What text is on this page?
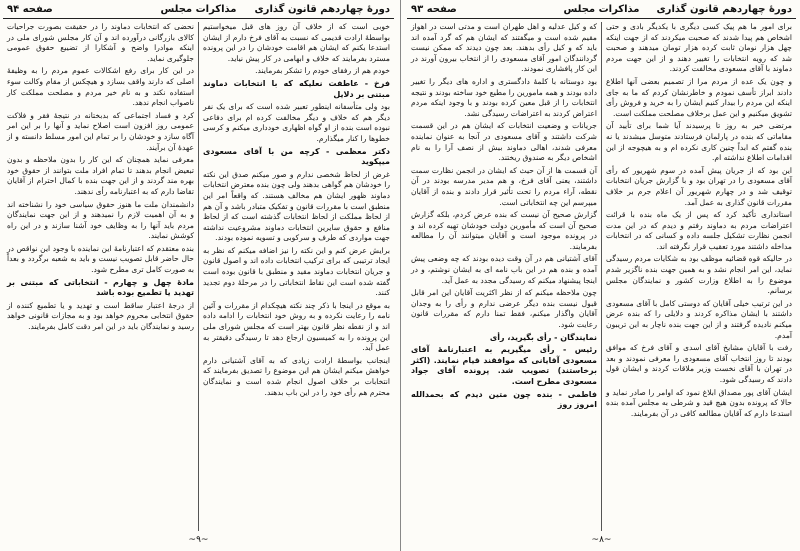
دورهٔ چهاردهم قانون گذاری
مذاکرات مجلس
صفحه ۹۴

خوبی است که از خلاف آن روز های قبل میخواستیم بواسطهٔ ارادت قدیمی که نسبت به آقای فرخ دارم از ایشان استدعا بکنم که ایشان هم اقامت خودشان را در این پرونده مسترد بفرمایند که خلاف و ابهامی در کار پیش نیاید.

خودم هم از رفقای خودم را تشکر بفرمایند.

فرخ - عاطفت نعلیکه که با انتخابات دماوند مبتنی بر دلایل

بود ولی متأسفانه اینطور تعبیر شده است که برای یک نفر دیگر هم که خلاف و دیگر مخالفت کرده ام برای دفاعی نبوده است بنده از او گواه اظهاری خودداری میکنم و کرسی خطوها را کنار میگذارم.

دکتر معظمی - کرچه من با آقای مسعودی میپکوید

غرض از لحاظ شخصی ندارم و صور میکنم صدق این نکته را خودشان هم گواهی بدهند ولی چون بنده معترض انتخابات دماوند ظهور ایشان هم مخالف هستند. که واقعاً امر این منطبق است با مقررات قانون و تفکیک متبادر باشد و آن هم از لحاظ مملکت از لحاظ انتخابات گذشته است که از لحاظ منافع و حقوق سایرین انتخابات دماوند مشروعیت نداشته جهت مواردی که طرف و سرکوبی و تسویه نموده بودند.

برایش عرض کنم و این نکته را نیز اضافه میکنم که نظر به ایجاد ترتیبی که برای ترکیب انتخابات داده اند و اصول قانون و جریان انتخابات دماوند مقید و منطبق با قانون بوده است گفته شده است این نقاط انتخاباتی را در مرحلهٔ دوم تجدید کنند.

به موقع در اینجا با ذکر چند نکته هیچکدام از مقررات و آئین نامه را رعایت نکرده و به روش خود انتخابات را ادامه داده اند و از نقطه نظر قانون بهتر است که مجلس شورای ملی این پرونده را به کمیسیون ارجاع دهد تا رسیدگی دقیقتر به عمل آید.

اینجانب بواسطهٔ ارادت زیادی که به آقای آشتیانی دارم خواهش میکنم ایشان هم این موضوع را تصدیق بفرمایند که انتخابات بر خلاف اصول انجام شده است و نمایندگان محترم هم رأی خود را در این باب بدهند.

نحضی که انتخابات دماوند را در حقیقت بصورت جراحیات کالای بازرگانی درآورده اند و آن کار مجلس شورای ملی در اینکه موادرا واضح و آشکارا از تضییع حقوق عمومی جلوگیری نماید.

در این کار برای رفع اشکالات عموم مردم را به وظیفهٔ اصلی که دارند واقف بسازد و هیچکس از مقام وکالت سوء استفاده نکند و به نام خیر مردم و مصلحت مملکت کار ناصواب انجام ندهد.

کرد و فساد اجتماعی که بدبختانه در نتیجهٔ فقر و فلاکت عمومی روز افزون است اصلاح نماید و آنها را بر این امر آگاه سازد و خودشان را بر تمام این امور مسلط دانسته و از عهدهٔ آن برآیند.

معرفی نماید همچنان که این کار را بدون ملاحظه و بدون تبعیض انجام بدهند تا تمام افراد ملت بتوانند از حقوق خود بهره مند گردند و از این جهت بنده با کمال احترام از آقایان تقاضا دارم که به اعتبارنامه رأی ندهند.

دانشمندان ملت ما هنوز حقوق سیاسی خود را نشناخته اند و به آن اهمیت لازم را نمیدهند و از این جهت نمایندگان مردم باید آنها را به وظایف خود آشنا سازند و در این راه کوشش نمایند.

بنده معتقدم که اعتبارنامهٔ این نماینده با وجود این نواقص در حال حاضر قابل تصویب نیست و باید به شعبه برگردد و بعداً به صورت کامل تری مطرح شود.

مادهٔ چهل و چهارم - انتخاباتی که مبتنی بر تهدید یا تطمیع بوده باشد

از درجهٔ اعتبار ساقط است و تهدید و یا تطمیع کننده از حقوق انتخابی محروم خواهد بود و به مجازات قانونی خواهد رسید و نمایندگان باید در این امر دقت کامل بفرمایند.

~۹~
دورهٔ چهاردهم قانون گذاری
مذاکرات مجلس
صفحه ۹۳

برای امور ما هم پیک کسی دیگری با یکدیگر بادی و حتی اشخاص هم پیدا شدند که صحبت میکردند که از جهت اینکه چهل هزار نومان ثابت کرده هزار تومان میدهند و صحبت شد که رویه انتخابات را تغییر دهند و از این جهت مردم دماوند با آقای مسعودی مخالفت کردند.

و چون یک عده از مردم مرا از تصمیم بعضی آنها اطلاع دادند ابراز تأسف نمودم و خاطرنشان کردم که ما به جای اینکه این مردم را بیدار کنیم ایشان را به خرید و فروش رأی تشویق میکنیم و این عمل برخلاف مصلحت مملکت است.

مرتضی خیر به روز تا پرسیدند آیا شما برای تأیید آن مقاماتی که بنده در پارلمان فرستادند متوسل میشدند یا نه بنده گفتم که ابداً چنین کاری نکرده ام و به هیچوجه از این اقدامات اطلاع نداشته ام.

این بود که از جریان پیش آمده در سوم شهریور که رأی آقای مسعودی را در تهران بود و با گزارش جریان انتخابات توقیف شد و در چهارم شهریور آن اعلام جرم بر خلاف مقررات قانون گذاری به عمل آمد.

استانداری تأکید کرد که پس از یک ماه بنده با قرائت اعتراضات مردم به دماوند رفتم و دیدم که در این مدت انجمن نظارت تشکیل جلسه داده و کسانی که در انتخابات مداخله داشتند مورد تعقیب قرار نگرفته اند.

در حالیکه قوه قضائیه موظف بود به شکایات مردم رسیدگی نماید، این امر انجام نشد و به همین جهت بنده ناگزیر شدم موضوع را به اطلاع وزارت کشور و نمایندگان مجلس برسانم.

در این ترتیب خیلی آقایان که دوستی کامل با آقای مسعودی داشتند با ایشان مذاکره کردند و دلایلی را که بنده عرض میکنم نادیده گرفتند و از این جهت بنده ناچار به این تریبون آمدم.

رفت با آقایان مشایخ آقای اسدی و آقای فرخ که موافق بودند تا روز انتخاب آقای مسعودی را معرفی نمودند و بعد در تهران با آقای نخست وزیر ملاقات کردند و ایشان قول دادند که رسیدگی شود.

ایشان آقای پور مصداق ابلاغ نمود که اوامر را صادر نماید و حالا که پرونده بدون هیچ قید و شرطی به مجلس آمده بنده استدعا دارم که آقایان مطالعه کافی در آن بفرمایند.

که و کیل عدلیه و اهل طهران است و مدتی است در اهواز مقیم شده است و میگفتند که ایشان هم که گرد آمده اند باید که و کیل رأی بدهند. بعد چون دیدند که ممکن نیست گردانندگان امور آقای مسعودی را از انتخاب بیرون آورند در این کار پافشاری نمودند.

بود دوستانه با کلمهٔ دادگستری و اداره های دیگر را تغییر داده بودند و همه مامورین را مطیع خود ساخته بودند و نتیجه انتخابات را از قبل معین کرده بودند و با وجود اینکه مردم اعتراض کردند به اعتراضات رسیدگی نشد.

جریانات و وضعیت انتخابات که ایشان هم در این قسمت شرکت داشتند و آقای مسعودی در آنجا به عنوان نماینده معرفی شدند، اهالی دماوند بیش از نصف آرا را به نام اشخاص دیگر به صندوق ریختند.

آن قسمت ها از آن حیث که ایشان در انجمن نظارت سمت داشتند، یعنی آقای فرخ، و هم مدیر مدرسه بودند در آن نقطه، آراء مردم را تحت تأثیر قرار دادند و بنده از آقایان میپرسم این چه انتخاباتی است.

گزارش صحیح آن نیست که بنده عرض کردم، بلکه گزارش صحیح آن است که مأمورین دولت خودشان تهیه کرده اند و در پرونده موجود است و آقایان میتوانند آن را مطالعه بفرمایند.

آقای آشتیانی هم در آن وقت دیده بودند که چه وضعی پیش آمده و بنده هم در این باب نامه ای به ایشان نوشتم، و در اینجا پیشنهاد میکنم که رسیدگی مجدد به عمل آید.

چون ملاحظه میکنم که از نظر اکثریت آقایان این امر قابل قبول نیست بنده دیگر عرضی ندارم و رأی را به وجدان آقایان واگذار میکنم، فقط تمنا دارم که مقررات قانون رعایت شود.

نمایندگان - رأی بگیرید، رأی

رئیس - رأی میگیریم به اعتبارنامهٔ آقای مسعودی آقایانی که موافقند قیام نمایند. (اکثر برخاستند) تصویب شد. پرونده آقای جواد مسعودی مطرح است.

فاطمی - بنده چون متین دیدم که بحمدالله امروز روز

~۸~
